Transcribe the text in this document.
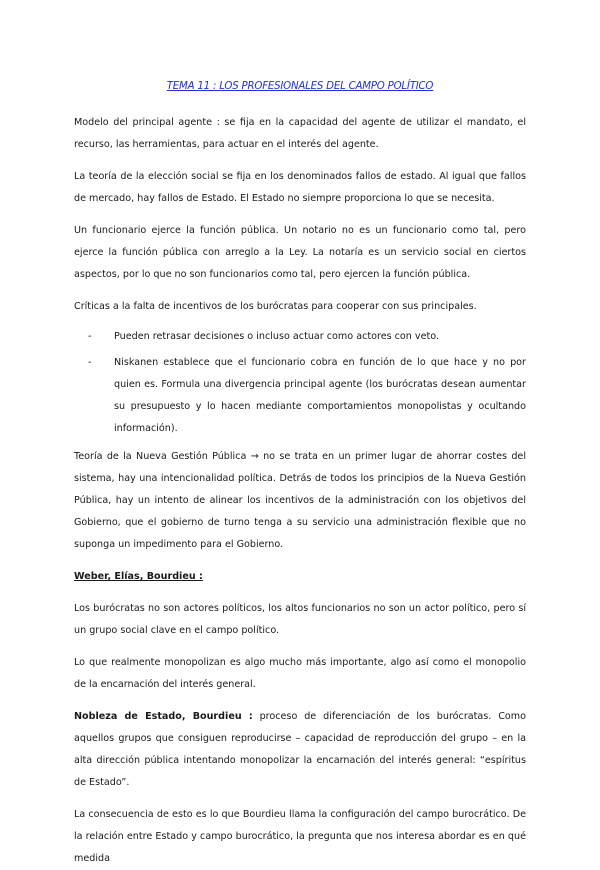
TEMA 11 : LOS PROFESIONALES DEL CAMPO POLÍTICO

Modelo del principal agente : se fija en la capacidad del agente de utilizar el mandato, el recurso, las herramientas, para actuar en el interés del agente.

La teoría de la elección social se fija en los denominados fallos de estado. Al igual que fallos de mercado, hay fallos de Estado. El Estado no siempre proporciona lo que se necesita.

Un funcionario ejerce la función pública. Un notario no es un funcionario como tal, pero ejerce la función pública con arreglo a la Ley. La notaría es un servicio social en ciertos aspectos, por lo que no son funcionarios como tal, pero ejercen la función pública.

Críticas a la falta de incentivos de los burócratas para cooperar con sus principales.

- Pueden retrasar decisiones o incluso actuar como actores con veto.
- Niskanen establece que el funcionario cobra en función de lo que hace y no por quien es. Formula una divergencia principal agente (los burócratas desean aumentar su presupuesto y lo hacen mediante comportamientos monopolistas y ocultando información).

Teoría de la Nueva Gestión Pública → no se trata en un primer lugar de ahorrar costes del sistema, hay una intencionalidad política. Detrás de todos los principios de la Nueva Gestión Pública, hay un intento de alinear los incentivos de la administración con los objetivos del Gobierno, que el gobierno de turno tenga a su servicio una administración flexible que no suponga un impedimento para el Gobierno.

Weber, Elías, Bourdieu :

Los burócratas no son actores políticos, los altos funcionarios no son un actor político, pero sí un grupo social clave en el campo político.

Lo que realmente monopolizan es algo mucho más importante, algo así como el monopolio de la encarnación del interés general.

Nobleza de Estado, Bourdieu : proceso de diferenciación de los burócratas. Como aquellos grupos que consiguen reproducirse – capacidad de reproducción del grupo – en la alta dirección pública intentando monopolizar la encarnación del interés general: “espíritus de Estado”.

La consecuencia de esto es lo que Bourdieu llama la configuración del campo burocrático. De la relación entre Estado y campo burocrático, la pregunta que nos interesa abordar es en qué medida
